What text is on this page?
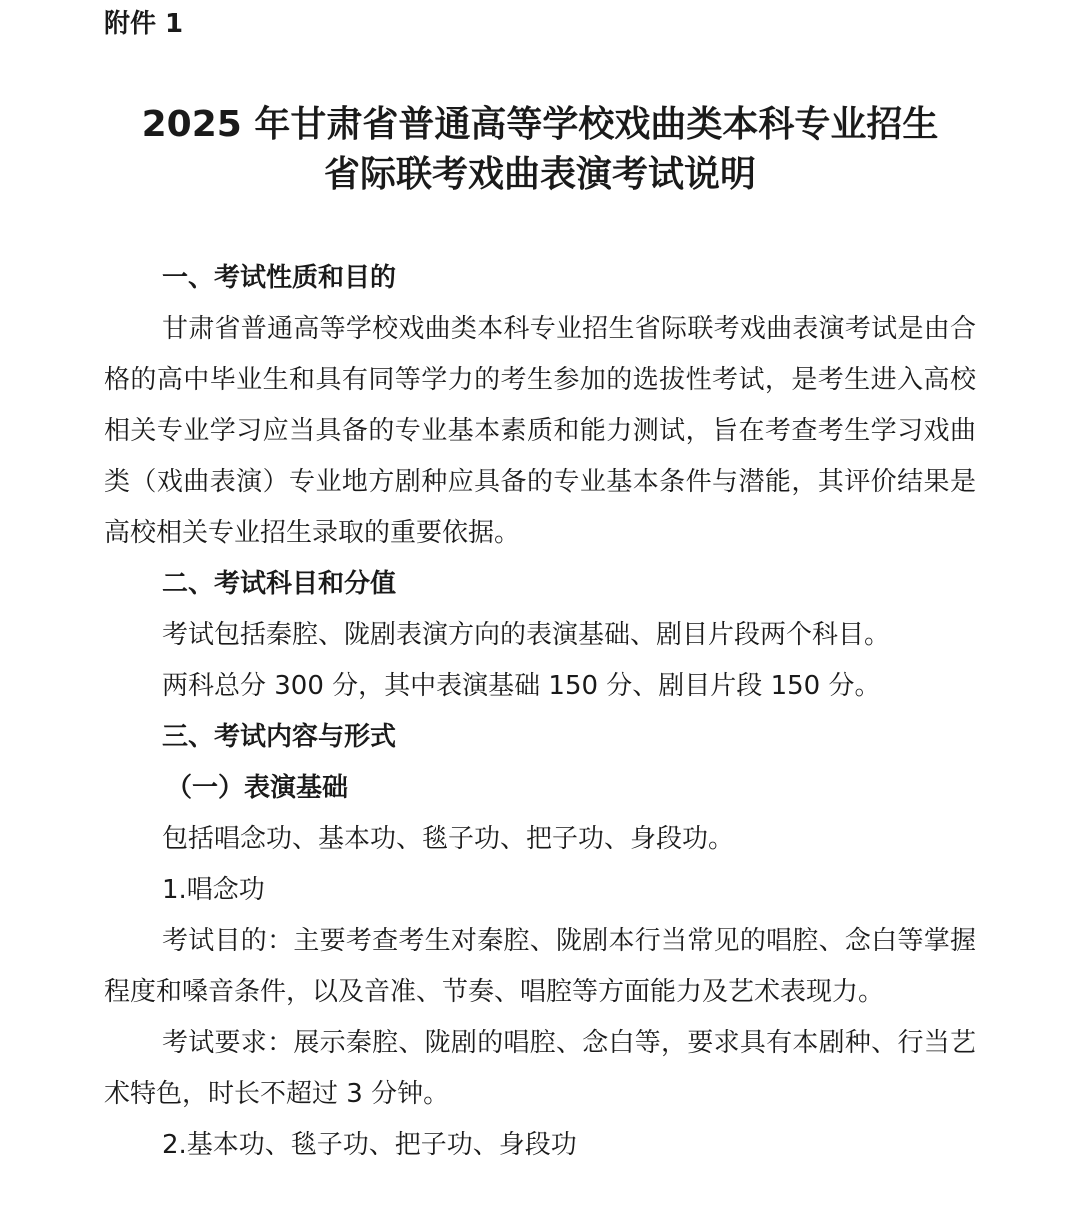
附件 1

2025 年甘肃省普通高等学校戏曲类本科专业招生
省际联考戏曲表演考试说明

一、考试性质和目的

甘肃省普通高等学校戏曲类本科专业招生省际联考戏曲表演考试是由合格的高中毕业生和具有同等学力的考生参加的选拔性考试，是考生进入高校相关专业学习应当具备的专业基本素质和能力测试，旨在考查考生学习戏曲类（戏曲表演）专业地方剧种应具备的专业基本条件与潜能，其评价结果是高校相关专业招生录取的重要依据。

二、考试科目和分值

考试包括秦腔、陇剧表演方向的表演基础、剧目片段两个科目。

两科总分 300 分，其中表演基础 150 分、剧目片段 150 分。

三、考试内容与形式

（一）表演基础

包括唱念功、基本功、毯子功、把子功、身段功。

1.唱念功

考试目的：主要考查考生对秦腔、陇剧本行当常见的唱腔、念白等掌握程度和嗓音条件，以及音准、节奏、唱腔等方面能力及艺术表现力。

考试要求：展示秦腔、陇剧的唱腔、念白等，要求具有本剧种、行当艺术特色，时长不超过 3 分钟。

2.基本功、毯子功、把子功、身段功
